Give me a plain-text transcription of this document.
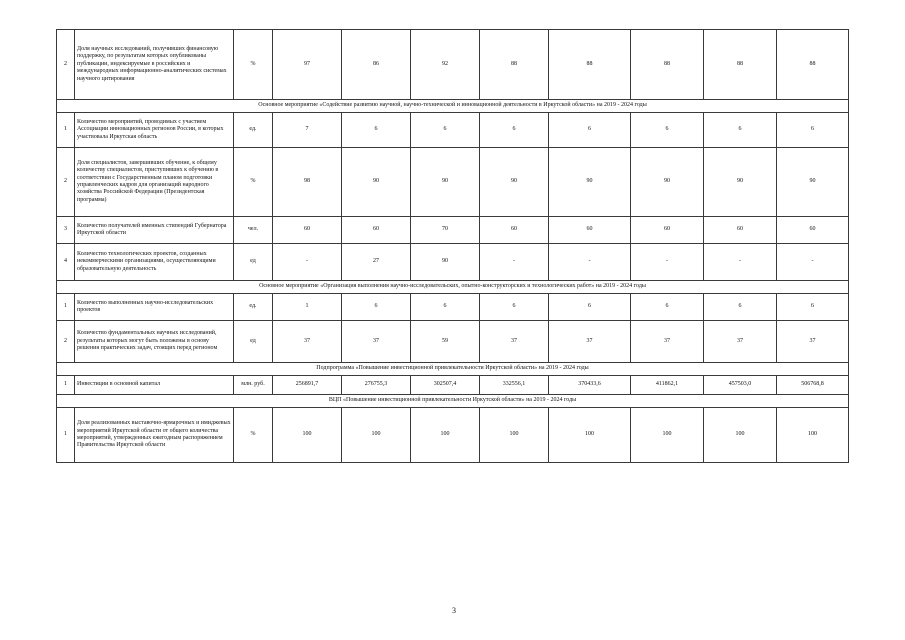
2	Доля научных исследований, получивших финансовую поддержку, по результатам которых опубликованы публикации, индексируемые в российских и международных информационно-аналитических системах научного цитирования	%	97	86	92	88	88	88	88	88
Основное мероприятие «Содействие развитию научной, научно-технической и инновационной деятельности в Иркутской области» на 2019 - 2024 годы										
1	Количество мероприятий, проводимых с участием Ассоциации инновационных регионов России, в которых участвовала Иркутская область	ед.	7	6	6	6	6	6	6	6
2	Доля специалистов, завершивших обучение, к общему количеству специалистов, приступивших к обучению в соответствии с Государственным планом подготовки управленческих кадров для организаций народного хозяйства Российской Федерации (Президентская программа)	%	98	90	90	90	90	90	90	90
3	Количество получателей именных стипендий Губернатора Иркутской области	чел.	60	60	70	60	60	60	60	60
4	Количество технологических проектов, созданных некоммерческими организациями, осуществляющими образовательную деятельность	ед	-	27	90	-	-	-	-	-
Основное мероприятие «Организация выполнения научно-исследовательских, опытно-конструкторских и технологических работ» на 2019 - 2024 годы										
1	Количество выполненных научно-исследовательских проектов	ед.	1	6	6	6	6	6	6	6
2	Количество фундаментальных научных исследований, результаты которых могут быть положены в основу решения практических задач, стоящих перед регионом	ед	37	37	59	37	37	37	37	37
Подпрограмма «Повышение инвестиционной привлекательности Иркутской области» на 2019 - 2024 годы										
1	Инвестиции в основной капитал	млн. руб.	256891,7	276755,3	302507,4	332556,1	370433,6	411862,1	457503,0	506768,8
ВЦП «Повышение инвестиционной привлекательности Иркутской области» на 2019 - 2024 годы										
1	Доля реализованных выставочно-ярмарочных и имиджевых мероприятий Иркутской области от общего количества мероприятий, утвержденных ежегодным распоряжением Правительства Иркутской области	%	100	100	100	100	100	100	100	100
3
